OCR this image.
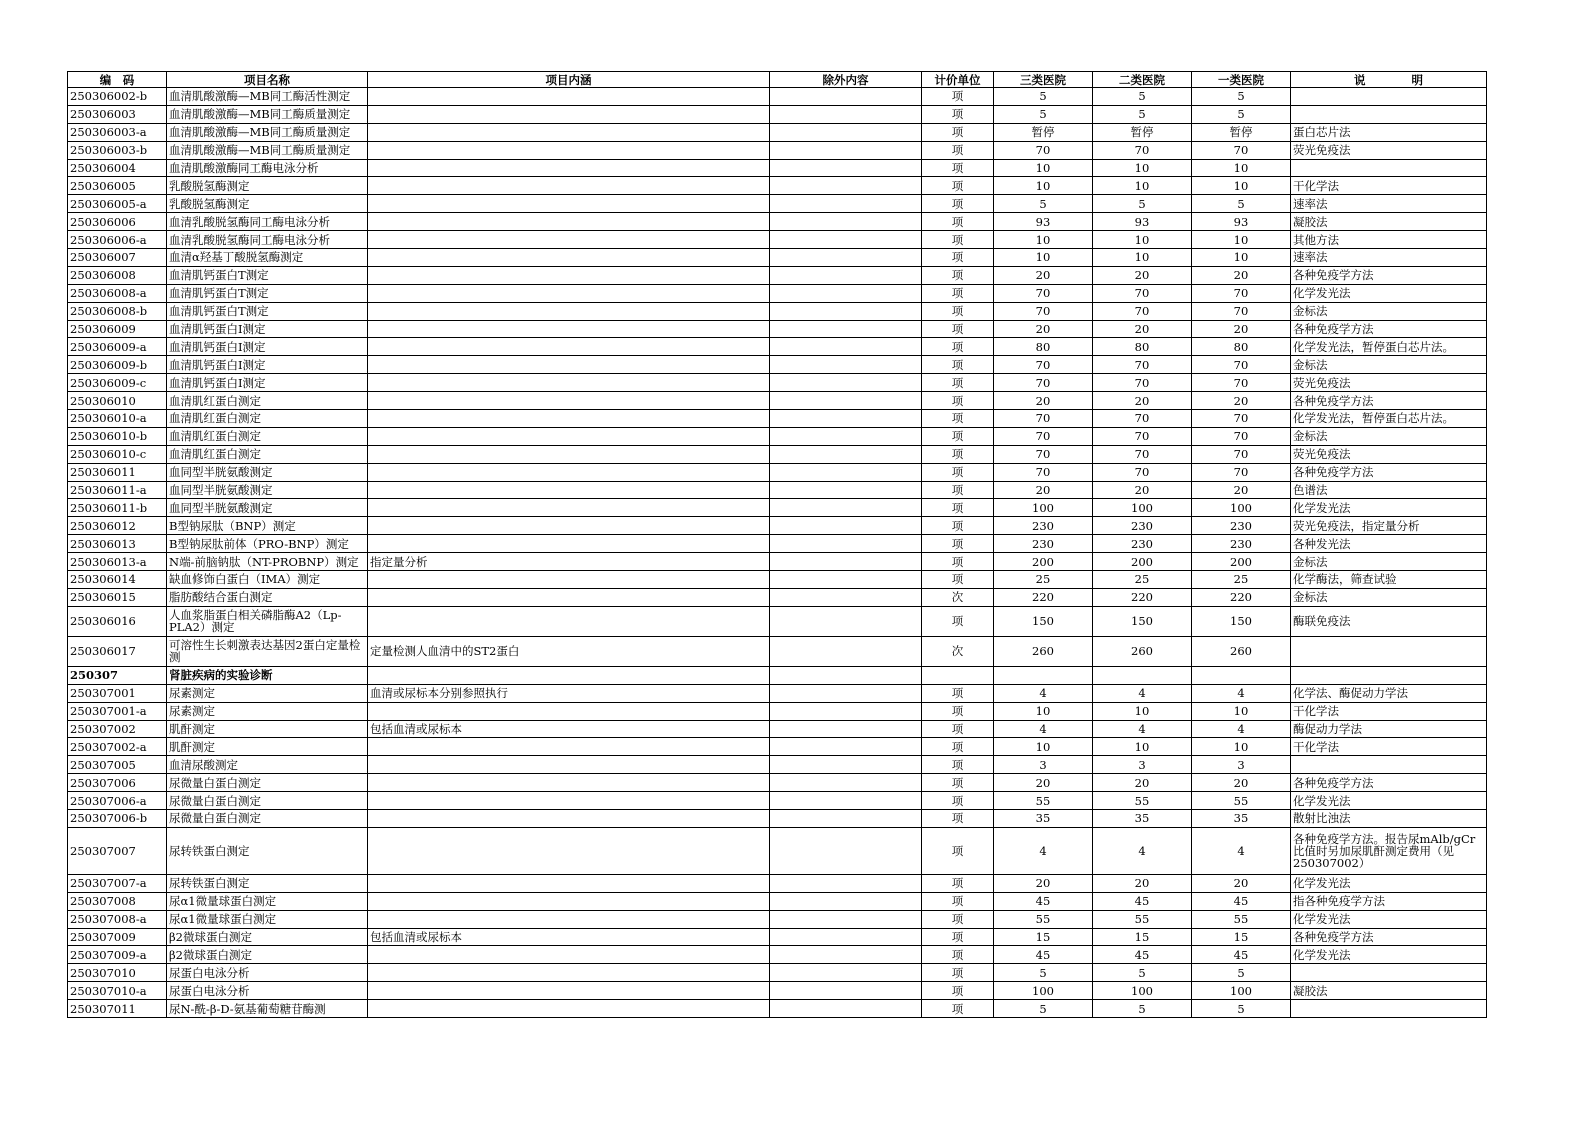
编　码	项目名称	项目内涵	除外内容	计价单位	三类医院	二类医院	一类医院	说　　　　明
250306002-b	血清肌酸激酶—MB同工酶活性测定			项	5	5	5	
250306003	血清肌酸激酶—MB同工酶质量测定			项	5	5	5	
250306003-a	血清肌酸激酶—MB同工酶质量测定			项	暂停	暂停	暂停	蛋白芯片法
250306003-b	血清肌酸激酶—MB同工酶质量测定			项	70	70	70	荧光免疫法
250306004	血清肌酸激酶同工酶电泳分析			项	10	10	10	
250306005	乳酸脱氢酶测定			项	10	10	10	干化学法
250306005-a	乳酸脱氢酶测定			项	5	5	5	速率法
250306006	血清乳酸脱氢酶同工酶电泳分析			项	93	93	93	凝胶法
250306006-a	血清乳酸脱氢酶同工酶电泳分析			项	10	10	10	其他方法
250306007	血清α羟基丁酸脱氢酶测定			项	10	10	10	速率法
250306008	血清肌钙蛋白T测定			项	20	20	20	各种免疫学方法
250306008-a	血清肌钙蛋白T测定			项	70	70	70	化学发光法
250306008-b	血清肌钙蛋白T测定			项	70	70	70	金标法
250306009	血清肌钙蛋白Ⅰ测定			项	20	20	20	各种免疫学方法
250306009-a	血清肌钙蛋白Ⅰ测定			项	80	80	80	化学发光法，暂停蛋白芯片法。
250306009-b	血清肌钙蛋白Ⅰ测定			项	70	70	70	金标法
250306009-c	血清肌钙蛋白Ⅰ测定			项	70	70	70	荧光免疫法
250306010	血清肌红蛋白测定			项	20	20	20	各种免疫学方法
250306010-a	血清肌红蛋白测定			项	70	70	70	化学发光法，暂停蛋白芯片法。
250306010-b	血清肌红蛋白测定			项	70	70	70	金标法
250306010-c	血清肌红蛋白测定			项	70	70	70	荧光免疫法
250306011	血同型半胱氨酸测定			项	70	70	70	各种免疫学方法
250306011-a	血同型半胱氨酸测定			项	20	20	20	色谱法
250306011-b	血同型半胱氨酸测定			项	100	100	100	化学发光法
250306012	B型钠尿肽（BNP）测定			项	230	230	230	荧光免疫法，指定量分析
250306013	B型钠尿肽前体（PRO-BNP）测定			项	230	230	230	各种发光法
250306013-a	N端-前脑钠肽（NT-PROBNP）测定	指定量分析		项	200	200	200	金标法
250306014	缺血修饰白蛋白（IMA）测定			项	25	25	25	化学酶法，筛查试验
250306015	脂肪酸结合蛋白测定			次	220	220	220	金标法
250306016	人血浆脂蛋白相关磷脂酶A2（Lp-PLA2）测定			项	150	150	150	酶联免疫法
250306017	可溶性生长刺激表达基因2蛋白定量检测	定量检测人血清中的ST2蛋白		次	260	260	260	
250307	肾脏疾病的实验诊断							
250307001	尿素测定	血清或尿标本分别参照执行		项	4	4	4	化学法、酶促动力学法
250307001-a	尿素测定			项	10	10	10	干化学法
250307002	肌酐测定	包括血清或尿标本		项	4	4	4	酶促动力学法
250307002-a	肌酐测定			项	10	10	10	干化学法
250307005	血清尿酸测定			项	3	3	3	
250307006	尿微量白蛋白测定			项	20	20	20	各种免疫学方法
250307006-a	尿微量白蛋白测定			项	55	55	55	化学发光法
250307006-b	尿微量白蛋白测定			项	35	35	35	散射比浊法
250307007	尿转铁蛋白测定			项	4	4	4	各种免疫学方法。报告尿mAlb/gCr比值时另加尿肌酐测定费用（见250307002）
250307007-a	尿转铁蛋白测定			项	20	20	20	化学发光法
250307008	尿α1微量球蛋白测定			项	45	45	45	指各种免疫学方法
250307008-a	尿α1微量球蛋白测定			项	55	55	55	化学发光法
250307009	β2微球蛋白测定	包括血清或尿标本		项	15	15	15	各种免疫学方法
250307009-a	β2微球蛋白测定			项	45	45	45	化学发光法
250307010	尿蛋白电泳分析			项	5	5	5	
250307010-a	尿蛋白电泳分析			项	100	100	100	凝胶法
250307011	尿N-酰-β-D-氨基葡萄糖苷酶测			项	5	5	5	
